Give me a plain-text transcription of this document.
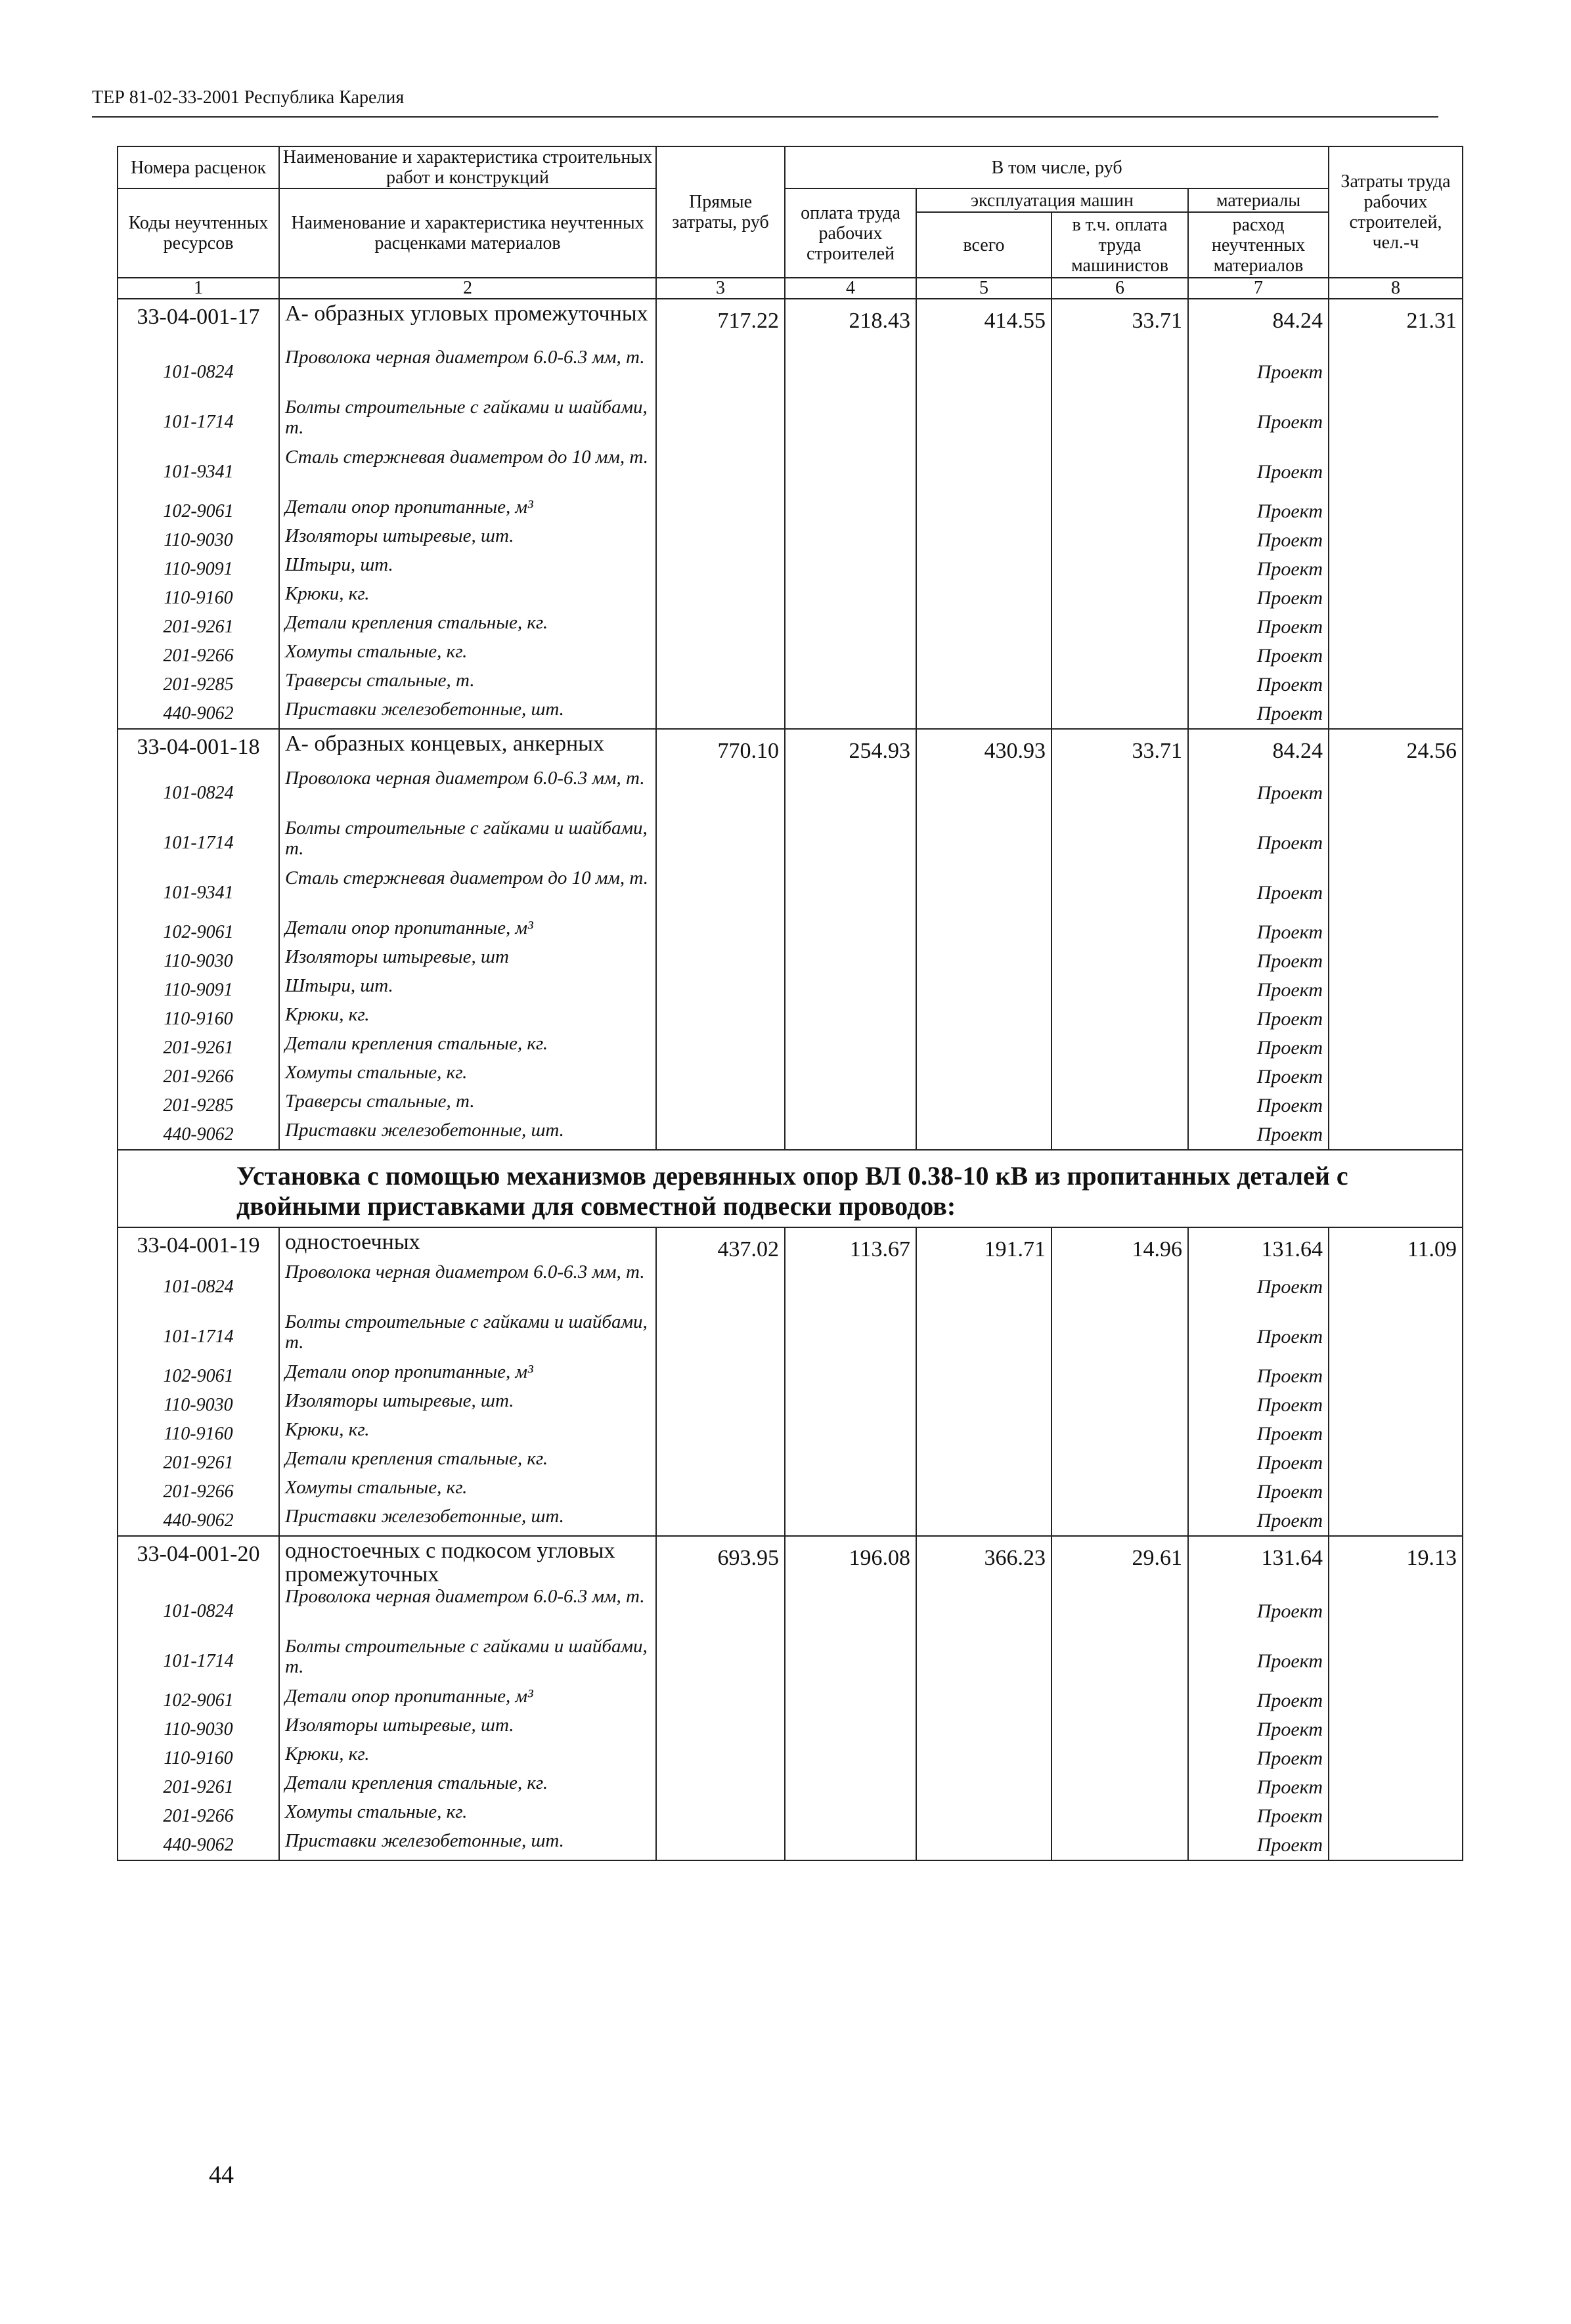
ТЕР 81-02-33-2001 Республика Карелия
Номера расценок	Наименование и характеристика строительных работ и конструкций	Прямые затраты, руб	В том числе, руб				Затраты труда рабочих строителей, чел.-ч
Коды неучтенных ресурсов	Наименование и характеристика неучтенных расценками материалов		оплата труда рабочих строителей	эксплуатация машин		материалы	
				всего	в т.ч. оплата труда машинистов	расход неучтенных материалов	

1	2	3	4	5	6	7	8
33-04-001-17	А- образных угловых промежуточных	717.22	218.43	414.55	33.71	84.24	21.31
101-0824	Проволока черная диаметром 6.0-6.3 мм, т.					Проект	
101-1714	Болты строительные с гайками и шайбами, т.					Проект	
101-9341	Сталь стержневая диаметром до 10 мм, т.					Проект	
102-9061	Детали опор пропитанные, м³					Проект	
110-9030	Изоляторы штыревые, шт.					Проект	
110-9091	Штыри, шт.					Проект	
110-9160	Крюки, кг.					Проект	
201-9261	Детали крепления стальные, кг.					Проект	
201-9266	Хомуты стальные, кг.					Проект	
201-9285	Траверсы стальные, т.					Проект	
440-9062	Приставки железобетонные, шт.					Проект	
33-04-001-18	А- образных концевых, анкерных	770.10	254.93	430.93	33.71	84.24	24.56
101-0824	Проволока черная диаметром 6.0-6.3 мм, т.					Проект	
101-1714	Болты строительные с гайками и шайбами, т.					Проект	
101-9341	Сталь стержневая диаметром до 10 мм, т.					Проект	
102-9061	Детали опор пропитанные, м³					Проект	
110-9030	Изоляторы штыревые, шт					Проект	
110-9091	Штыри, шт.					Проект	
110-9160	Крюки, кг.					Проект	
201-9261	Детали крепления стальные, кг.					Проект	
201-9266	Хомуты стальные, кг.					Проект	
201-9285	Траверсы стальные, т.					Проект	
440-9062	Приставки железобетонные, шт.					Проект	
Установка с помощью механизмов деревянных опор ВЛ 0.38-10 кВ из пропитанных деталей с двойными приставками для совместной подвески проводов:							
33-04-001-19	одностоечных	437.02	113.67	191.71	14.96	131.64	11.09
101-0824	Проволока черная диаметром 6.0-6.3 мм, т.					Проект	
101-1714	Болты строительные с гайками и шайбами, т.					Проект	
102-9061	Детали опор пропитанные, м³					Проект	
110-9030	Изоляторы штыревые, шт.					Проект	
110-9160	Крюки, кг.					Проект	
201-9261	Детали крепления стальные, кг.					Проект	
201-9266	Хомуты стальные, кг.					Проект	
440-9062	Приставки железобетонные, шт.					Проект	
33-04-001-20	одностоечных с подкосом угловых промежуточных	693.95	196.08	366.23	29.61	131.64	19.13
101-0824	Проволока черная диаметром 6.0-6.3 мм, т.					Проект	
101-1714	Болты строительные с гайками и шайбами, т.					Проект	
102-9061	Детали опор пропитанные, м³					Проект	
110-9030	Изоляторы штыревые, шт.					Проект	
110-9160	Крюки, кг.					Проект	
201-9261	Детали крепления стальные, кг.					Проект	
201-9266	Хомуты стальные, кг.					Проект	
440-9062	Приставки железобетонные, шт.					Проект	
44
